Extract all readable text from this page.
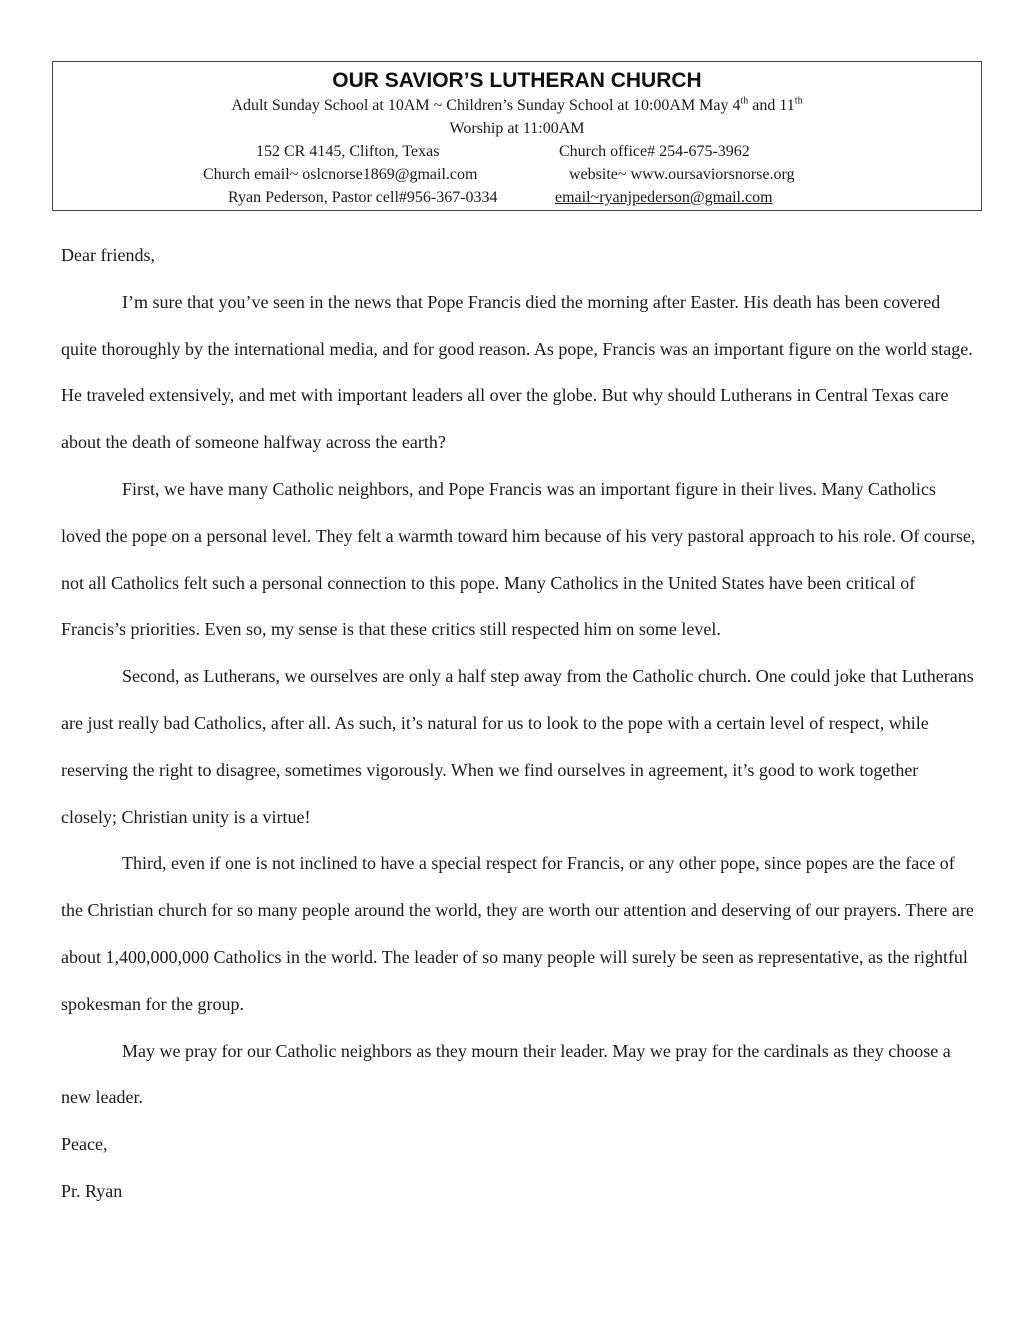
OUR SAVIOR’S LUTHERAN CHURCH
Adult Sunday School at 10AM ~ Children’s Sunday School at 10:00AM May 4th and 11th
Worship at 11:00AM
152 CR 4145, Clifton, Texas	Church office# 254-675-3962
Church email~ oslcnorse1869@gmail.com	website~ www.oursaviorsnorse.org
Ryan Pederson, Pastor cell#956-367-0334	email~ryanjpederson@gmail.com

Dear friends,

I’m sure that you’ve seen in the news that Pope Francis died the morning after Easter. His death has been covered quite thoroughly by the international media, and for good reason. As pope, Francis was an important figure on the world stage. He traveled extensively, and met with important leaders all over the globe. But why should Lutherans in Central Texas care about the death of someone halfway across the earth?

First, we have many Catholic neighbors, and Pope Francis was an important figure in their lives. Many Catholics loved the pope on a personal level. They felt a warmth toward him because of his very pastoral approach to his role. Of course, not all Catholics felt such a personal connection to this pope. Many Catholics in the United States have been critical of Francis’s priorities. Even so, my sense is that these critics still respected him on some level.

Second, as Lutherans, we ourselves are only a half step away from the Catholic church. One could joke that Lutherans are just really bad Catholics, after all. As such, it’s natural for us to look to the pope with a certain level of respect, while reserving the right to disagree, sometimes vigorously. When we find ourselves in agreement, it’s good to work together closely; Christian unity is a virtue!

Third, even if one is not inclined to have a special respect for Francis, or any other pope, since popes are the face of the Christian church for so many people around the world, they are worth our attention and deserving of our prayers. There are about 1,400,000,000 Catholics in the world. The leader of so many people will surely be seen as representative, as the rightful spokesman for the group.

May we pray for our Catholic neighbors as they mourn their leader. May we pray for the cardinals as they choose a new leader.

Peace,

Pr. Ryan
